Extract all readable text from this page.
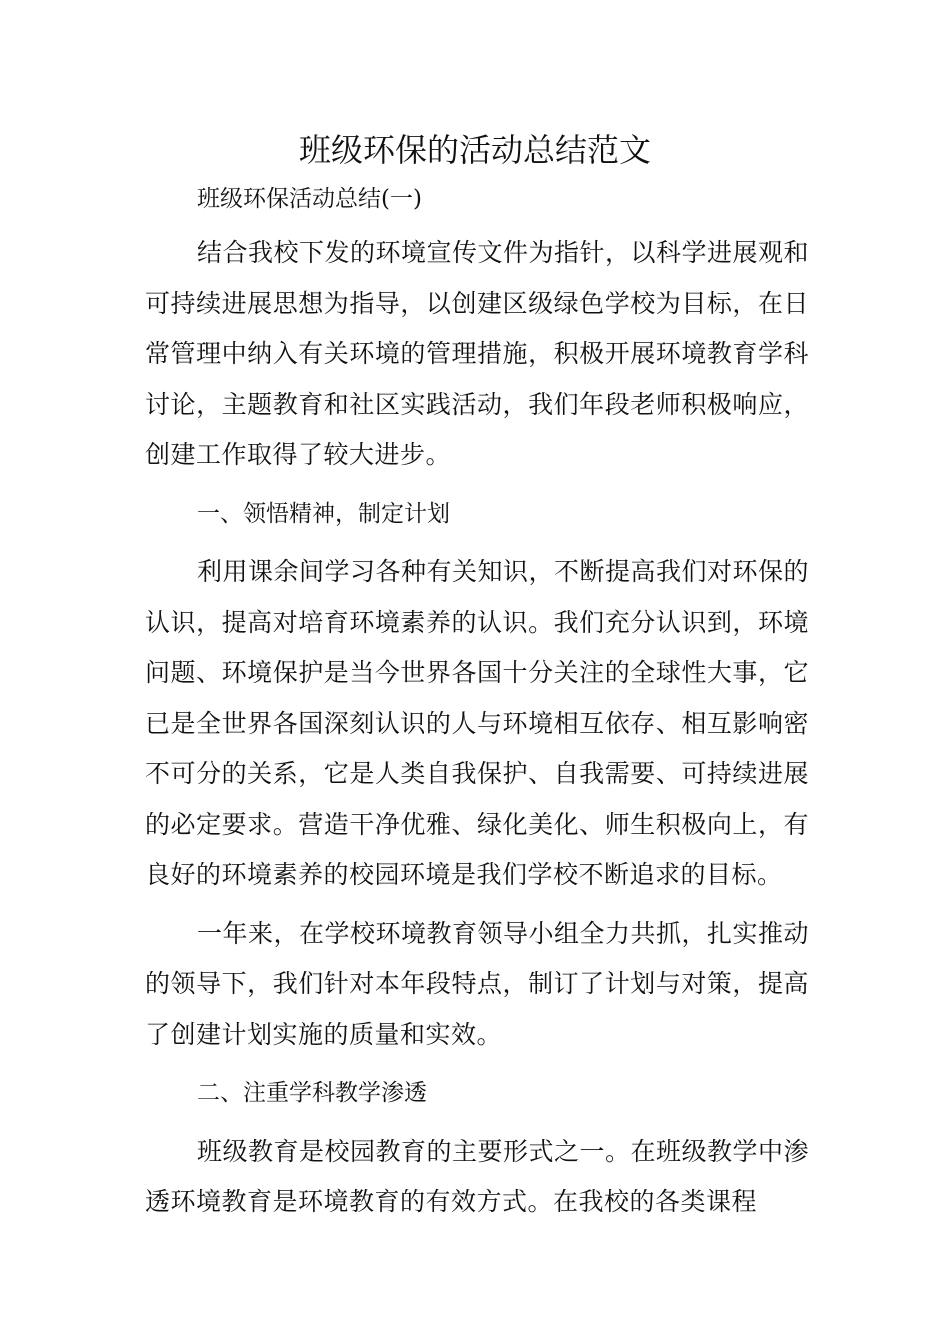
班级环保的活动总结范文

班级环保活动总结(一)

结合我校下发的环境宣传文件为指针，以科学进展观和可持续进展思想为指导，以创建区级绿色学校为目标，在日常管理中纳入有关环境的管理措施，积极开展环境教育学科讨论，主题教育和社区实践活动，我们年段老师积极响应，创建工作取得了较大进步。

一、领悟精神，制定计划

利用课余间学习各种有关知识，不断提高我们对环保的认识，提高对培育环境素养的认识。我们充分认识到，环境问题、环境保护是当今世界各国十分关注的全球性大事，它已是全世界各国深刻认识的人与环境相互依存、相互影响密不可分的关系，它是人类自我保护、自我需要、可持续进展的必定要求。营造干净优雅、绿化美化、师生积极向上，有良好的环境素养的校园环境是我们学校不断追求的目标。

一年来，在学校环境教育领导小组全力共抓，扎实推动的领导下，我们针对本年段特点，制订了计划与对策，提高了创建计划实施的质量和实效。

二、注重学科教学渗透

班级教育是校园教育的主要形式之一。在班级教学中渗透环境教育是环境教育的有效方式。在我校的各类课程
